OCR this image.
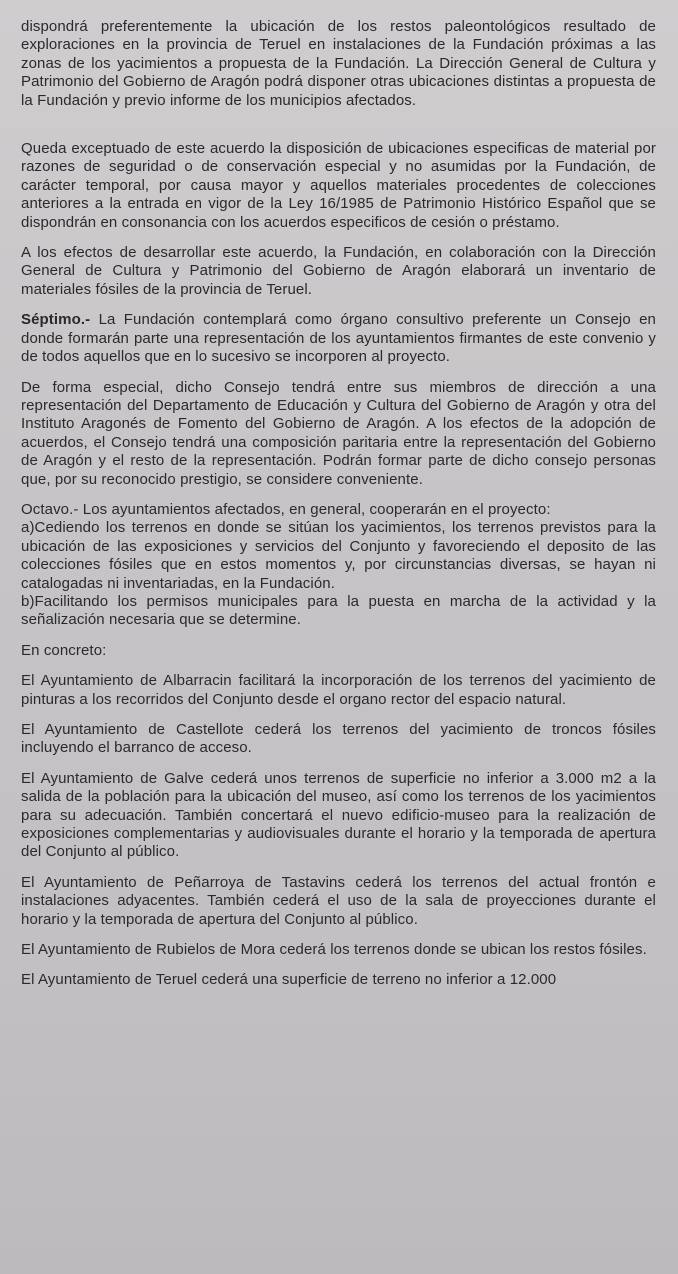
dispondrá preferentemente la ubicación de los restos paleontológicos resultado de exploraciones en la provincia de Teruel en instalaciones de la Fundación próximas a las zonas de los yacimientos a propuesta de la Fundación. La Dirección General de Cultura y Patrimonio del Gobierno de Aragón podrá disponer otras ubicaciones distintas a propuesta de la Fundación y previo informe de los municipios afectados.

Queda exceptuado de este acuerdo la disposición de ubicaciones especificas de material por razones de seguridad o de conservación especial y no asumidas por la Fundación, de carácter temporal, por causa mayor y aquellos materiales procedentes de colecciones anteriores a la entrada en vigor de la Ley 16/1985 de Patrimonio Histórico Español que se dispondrán en consonancia con los acuerdos especificos de cesión o préstamo.

A los efectos de desarrollar este acuerdo, la Fundación, en colaboración con la Dirección General de Cultura y Patrimonio del Gobierno de Aragón elaborará un inventario de materiales fósiles de la provincia de Teruel.

Séptimo.- La Fundación contemplará como órgano consultivo preferente un Consejo en donde formarán parte una representación de los ayuntamientos firmantes de este convenio y de todos aquellos que en lo sucesivo se incorporen al proyecto.

De forma especial, dicho Consejo tendrá entre sus miembros de dirección a una representación del Departamento de Educación y Cultura del Gobierno de Aragón y otra del Instituto Aragonés de Fomento del Gobierno de Aragón. A los efectos de la adopción de acuerdos, el Consejo tendrá una composición paritaria entre la representación del Gobierno de Aragón y el resto de la representación. Podrán formar parte de dicho consejo personas que, por su reconocido prestigio, se considere conveniente.

Octavo.- Los ayuntamientos afectados, en general, cooperarán en el proyecto:

a)Cediendo los terrenos en donde se sitúan los yacimientos, los terrenos previstos para la ubicación de las exposiciones y servicios del Conjunto y favoreciendo el deposito de las colecciones fósiles que en estos momentos y, por circunstancias diversas, se hayan ni catalogadas ni inventariadas, en la Fundación.

b)Facilitando los permisos municipales para la puesta en marcha de la actividad y la señalización necesaria que se determine.

En concreto:

El Ayuntamiento de Albarracin facilitará la incorporación de los terrenos del yacimiento de pinturas a los recorridos del Conjunto desde el organo rector del espacio natural.

El Ayuntamiento de Castellote cederá los terrenos del yacimiento de troncos fósiles incluyendo el barranco de acceso.

El Ayuntamiento de Galve cederá unos terrenos de superficie no inferior a 3.000 m2 a la salida de la población para la ubicación del museo, así como los terrenos de los yacimientos para su adecuación. También concertará el nuevo edificio-museo para la realización de exposiciones complementarias y audiovisuales durante el horario y la temporada de apertura del Conjunto al público.

El Ayuntamiento de Peñarroya de Tastavins cederá los terrenos del actual frontón e instalaciones adyacentes. También cederá el uso de la sala de proyecciones durante el horario y la temporada de apertura del Conjunto al público.

El Ayuntamiento de Rubielos de Mora cederá los terrenos donde se ubican los restos fósiles.

El Ayuntamiento de Teruel cederá una superficie de terreno no inferior a 12.000
